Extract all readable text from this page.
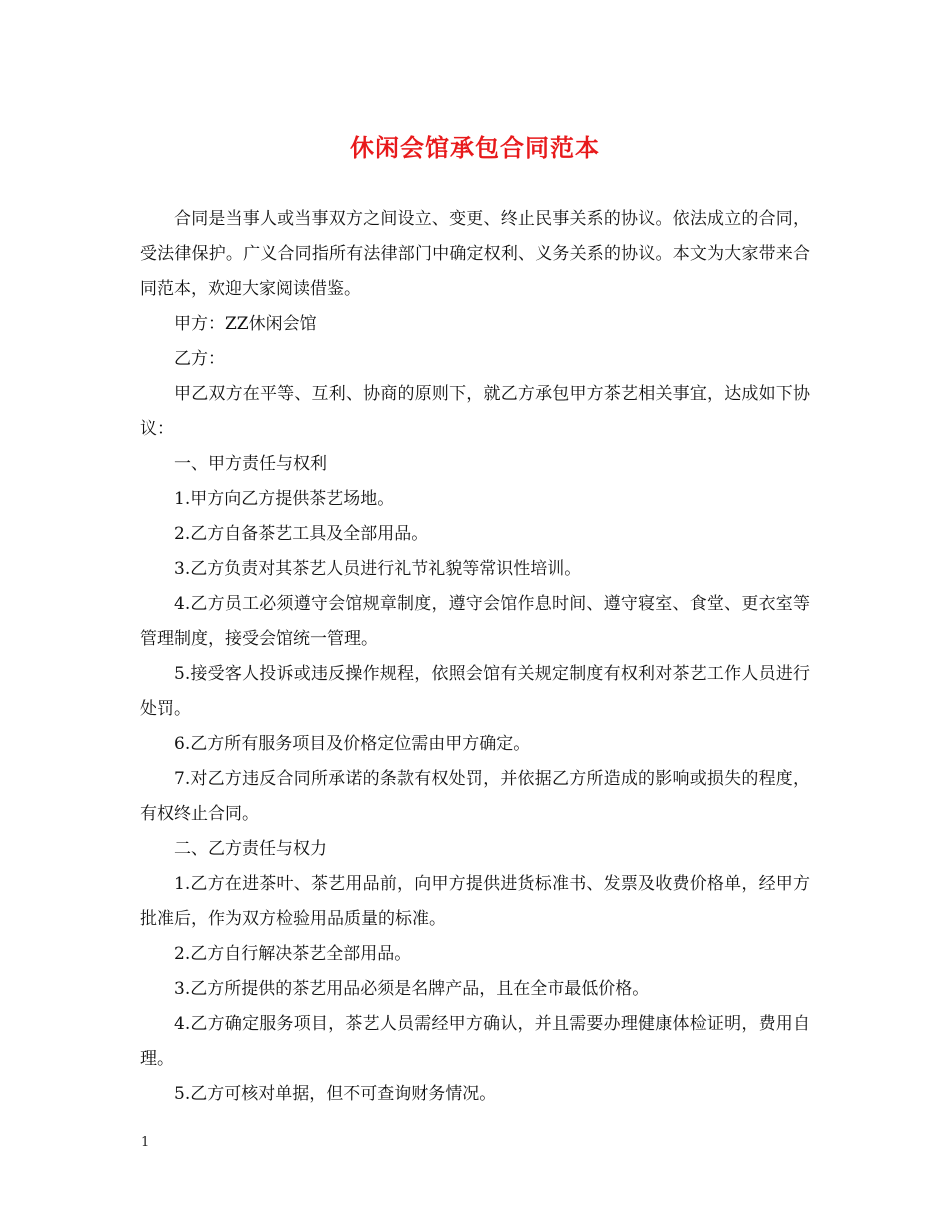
休闲会馆承包合同范本

合同是当事人或当事双方之间设立、变更、终止民事关系的协议。依法成立的合同，受法律保护。广义合同指所有法律部门中确定权利、义务关系的协议。本文为大家带来合同范本，欢迎大家阅读借鉴。

甲方：ZZ休闲会馆

乙方：

甲乙双方在平等、互利、协商的原则下，就乙方承包甲方茶艺相关事宜，达成如下协议：

一、甲方责任与权利

1.甲方向乙方提供茶艺场地。

2.乙方自备茶艺工具及全部用品。

3.乙方负责对其茶艺人员进行礼节礼貌等常识性培训。

4.乙方员工必须遵守会馆规章制度，遵守会馆作息时间、遵守寝室、食堂、更衣室等管理制度，接受会馆统一管理。

5.接受客人投诉或违反操作规程，依照会馆有关规定制度有权利对茶艺工作人员进行处罚。

6.乙方所有服务项目及价格定位需由甲方确定。

7.对乙方违反合同所承诺的条款有权处罚，并依据乙方所造成的影响或损失的程度，有权终止合同。

二、乙方责任与权力

1.乙方在进茶叶、茶艺用品前，向甲方提供进货标准书、发票及收费价格单，经甲方批准后，作为双方检验用品质量的标准。

2.乙方自行解决茶艺全部用品。

3.乙方所提供的茶艺用品必须是名牌产品，且在全市最低价格。

4.乙方确定服务项目，茶艺人员需经甲方确认，并且需要办理健康体检证明，费用自理。

5.乙方可核对单据，但不可查询财务情况。

1
